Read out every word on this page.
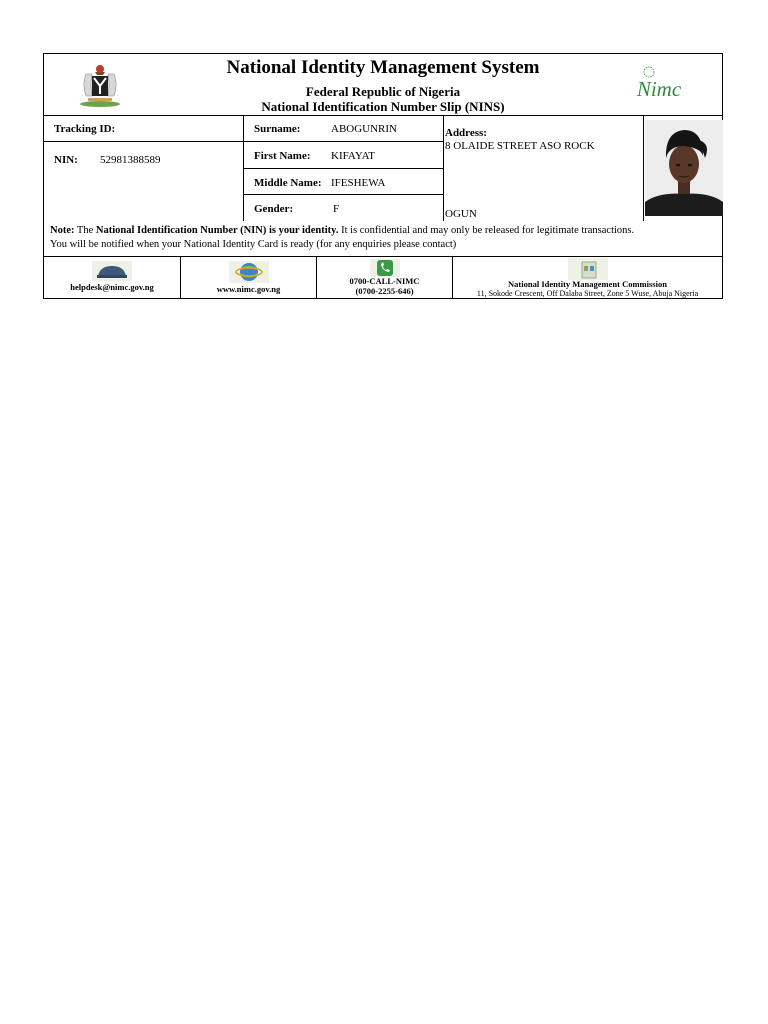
National Identity Management System
Federal Republic of Nigeria
National Identification Number Slip (NINS)
Nimc
Tracking ID:
NIN: 52981388589
Surname:	ABOGUNRIN
First Name: KIFAYAT
Middle Name: IFESHEWA
Gender:	F
Address:
8 OLAIDE STREET ASO ROCK
OGUN
Note: The National Identification Number (NIN) is your identity. It is confidential and may only be released for legitimate transactions.
You will be notified when your National Identity Card is ready (for any enquiries please contact)
helpdesk@nimc.gov.ng	www.nimc.gov.ng
0700-CALL-NIMC
(0700-2255-646)
National Identity Management Commission
11, Sokode Crescent, Off Dalaba Street, Zone 5 Wuse, Abuja Nigeria
